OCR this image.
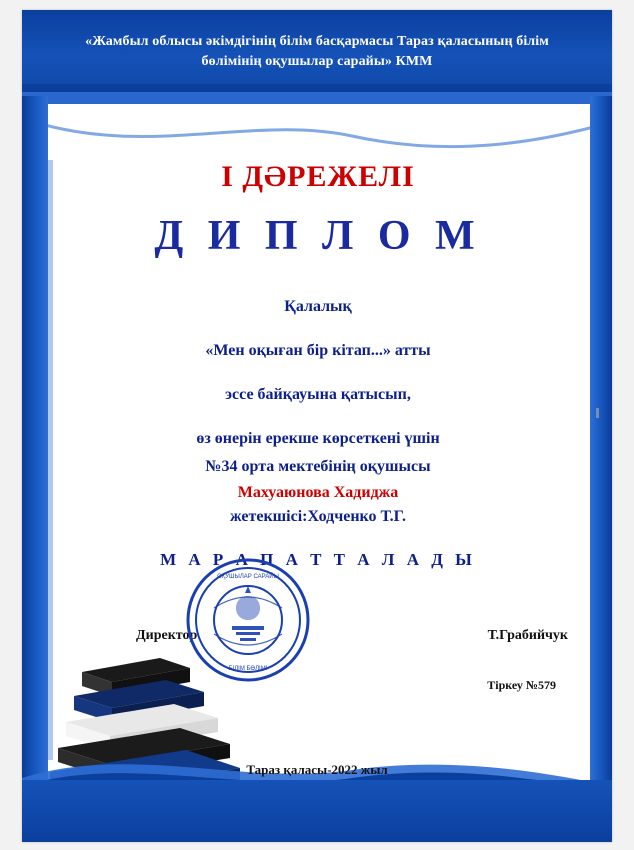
«Жамбыл облысы әкімдігінің білім басқармасы Тараз қаласының білім бөлімінің оқушылар сарайы» КММ
I ДӘРЕЖЕЛІ
Д И П Л О М
Қалалық
«Мен оқыған бір кітап...» атты
эссе байқауына қатысып,
өз өнерін ерекше көрсеткені үшін
№34 орта мектебінің оқушысы
Махуаюнова Хадиджа
жетекшісі:Ходченко Т.Г.
М А Р А П А Т Т А Л А Д Ы
Директор	Т.Грабийчук
ОҚУШЫЛАР САРАЙЫ
БІЛІМ БӨЛІМІ
Тіркеу №579
Тараз қаласы-2022 жыл
